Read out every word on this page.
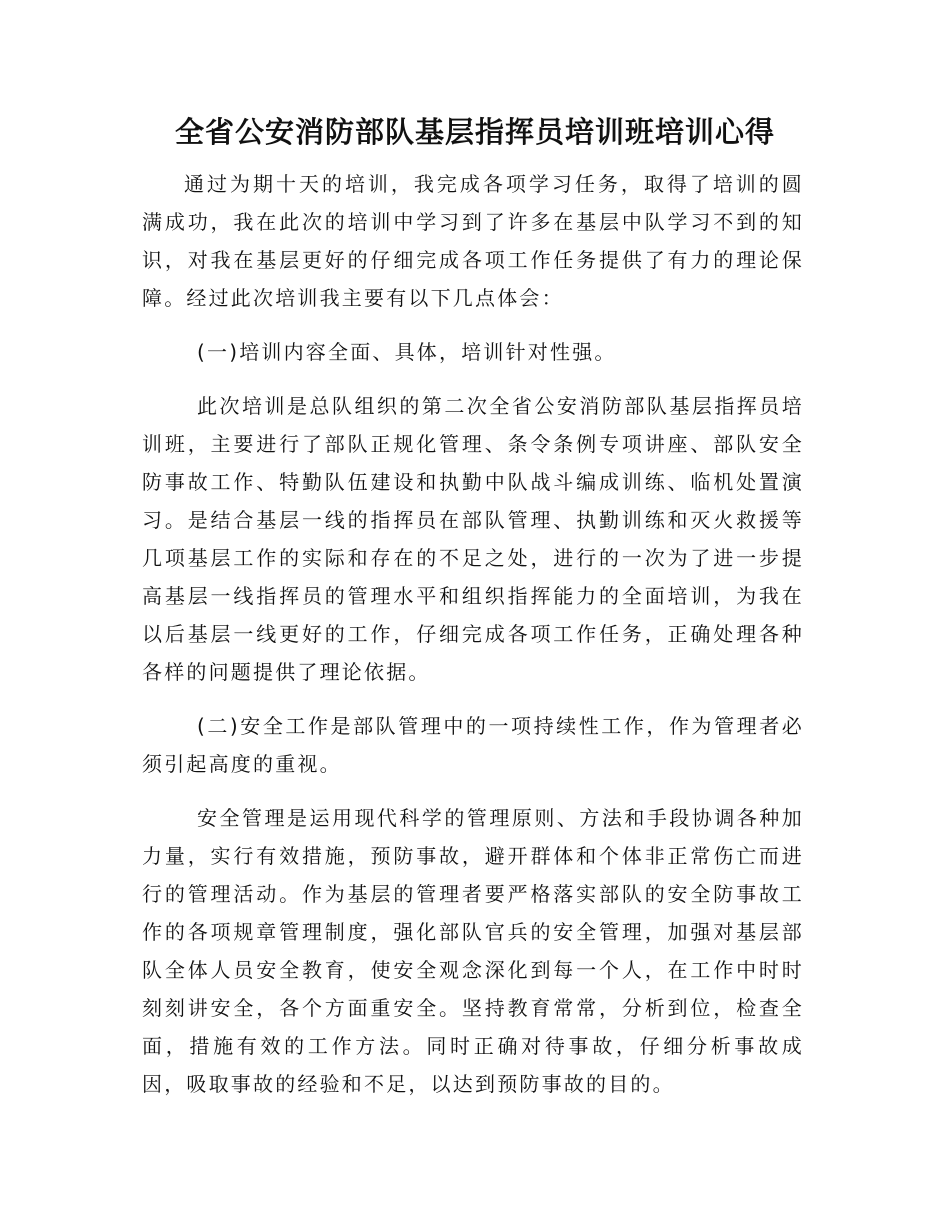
全省公安消防部队基层指挥员培训班培训心得

通过为期十天的培训，我完成各项学习任务，取得了培训的圆满成功，我在此次的培训中学习到了许多在基层中队学习不到的知识，对我在基层更好的仔细完成各项工作任务提供了有力的理论保障。经过此次培训我主要有以下几点体会：

(一)培训内容全面、具体，培训针对性强。

此次培训是总队组织的第二次全省公安消防部队基层指挥员培训班，主要进行了部队正规化管理、条令条例专项讲座、部队安全防事故工作、特勤队伍建设和执勤中队战斗编成训练、临机处置演习。是结合基层一线的指挥员在部队管理、执勤训练和灭火救援等几项基层工作的实际和存在的不足之处，进行的一次为了进一步提高基层一线指挥员的管理水平和组织指挥能力的全面培训，为我在以后基层一线更好的工作，仔细完成各项工作任务，正确处理各种各样的问题提供了理论依据。

(二)安全工作是部队管理中的一项持续性工作，作为管理者必须引起高度的重视。

安全管理是运用现代科学的管理原则、方法和手段协调各种加力量，实行有效措施，预防事故，避开群体和个体非正常伤亡而进行的管理活动。作为基层的管理者要严格落实部队的安全防事故工作的各项规章管理制度，强化部队官兵的安全管理，加强对基层部队全体人员安全教育，使安全观念深化到每一个人，在工作中时时刻刻讲安全，各个方面重安全。坚持教育常常，分析到位，检查全面，措施有效的工作方法。同时正确对待事故，仔细分析事故成因，吸取事故的经验和不足，以达到预防事故的目的。
